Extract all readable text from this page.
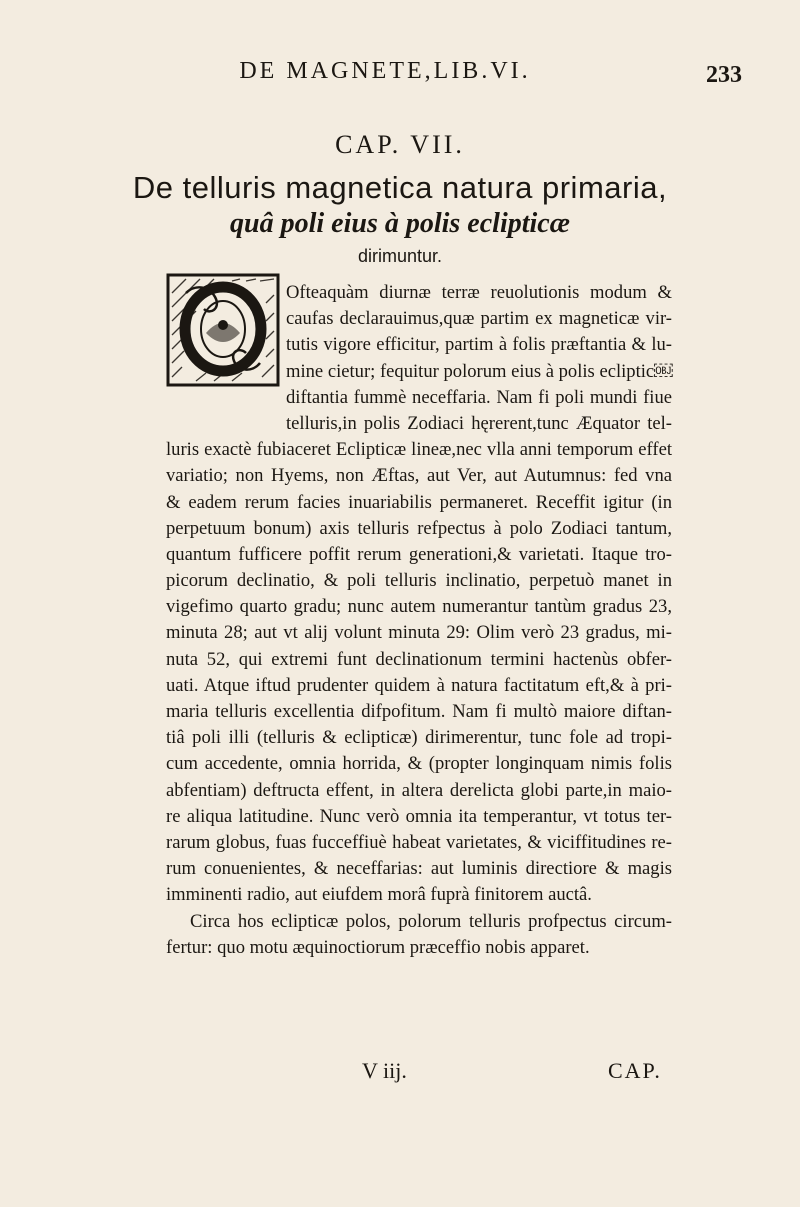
DE MAGNETE,LIB.VI.	233
CAP. VII.
De telluris magnetica natura primaria,
quâ poli eius à polis eclipticæ
dirimuntur.
Ofteaquàm diurnæ terræ reuolutionis modum &
caufas declarauimus,quæ partim ex magneticæ vir-
tutis vigore efficitur, partim à folis præftantia & lu-
mine cietur; fequitur polorum eius à polis ecliptic￼
diftantia fummè neceffaria. Nam fi poli mundi fiue
telluris,in polis Zodiaci hęrerent,tunc Æquator tel-
luris exactè fubiaceret Eclipticæ lineæ,nec vlla anni temporum effet
variatio; non Hyems, non Æftas, aut Ver, aut Autumnus: fed vna
& eadem rerum facies inuariabilis permaneret. Receffit igitur (in
perpetuum bonum) axis telluris refpectus à polo Zodiaci tantum,
quantum fufficere poffit rerum generationi,& varietati. Itaque tro-
picorum declinatio, & poli telluris inclinatio, perpetuò manet in
vigefimo quarto gradu; nunc autem numerantur tantùm gradus 23,
minuta 28; aut vt alij volunt minuta 29: Olim verò 23 gradus, mi-
nuta 52, qui extremi funt declinationum termini hactenùs obfer-
uati. Atque iftud prudenter quidem à natura factitatum eft,& à pri-
maria telluris excellentia difpofitum. Nam fi multò maiore diftan-
tiâ poli illi (telluris & eclipticæ) dirimerentur, tunc fole ad tropi-
cum accedente, omnia horrida, & (propter longinquam nimis folis
abfentiam) deftructa effent, in altera derelicta globi parte,in maio-
re aliqua latitudine. Nunc verò omnia ita temperantur, vt totus ter-
rarum globus, fuas fucceffiuè habeat varietates, & viciffitudines re-
rum conuenientes, & neceffarias: aut luminis directiore & magis
imminenti radio, aut eiufdem morâ fuprà finitorem auctâ.
Circa hos eclipticæ polos, polorum telluris profpectus circum-
fertur: quo motu æquinoctiorum præceffio nobis apparet.
V iij.	CAP.
